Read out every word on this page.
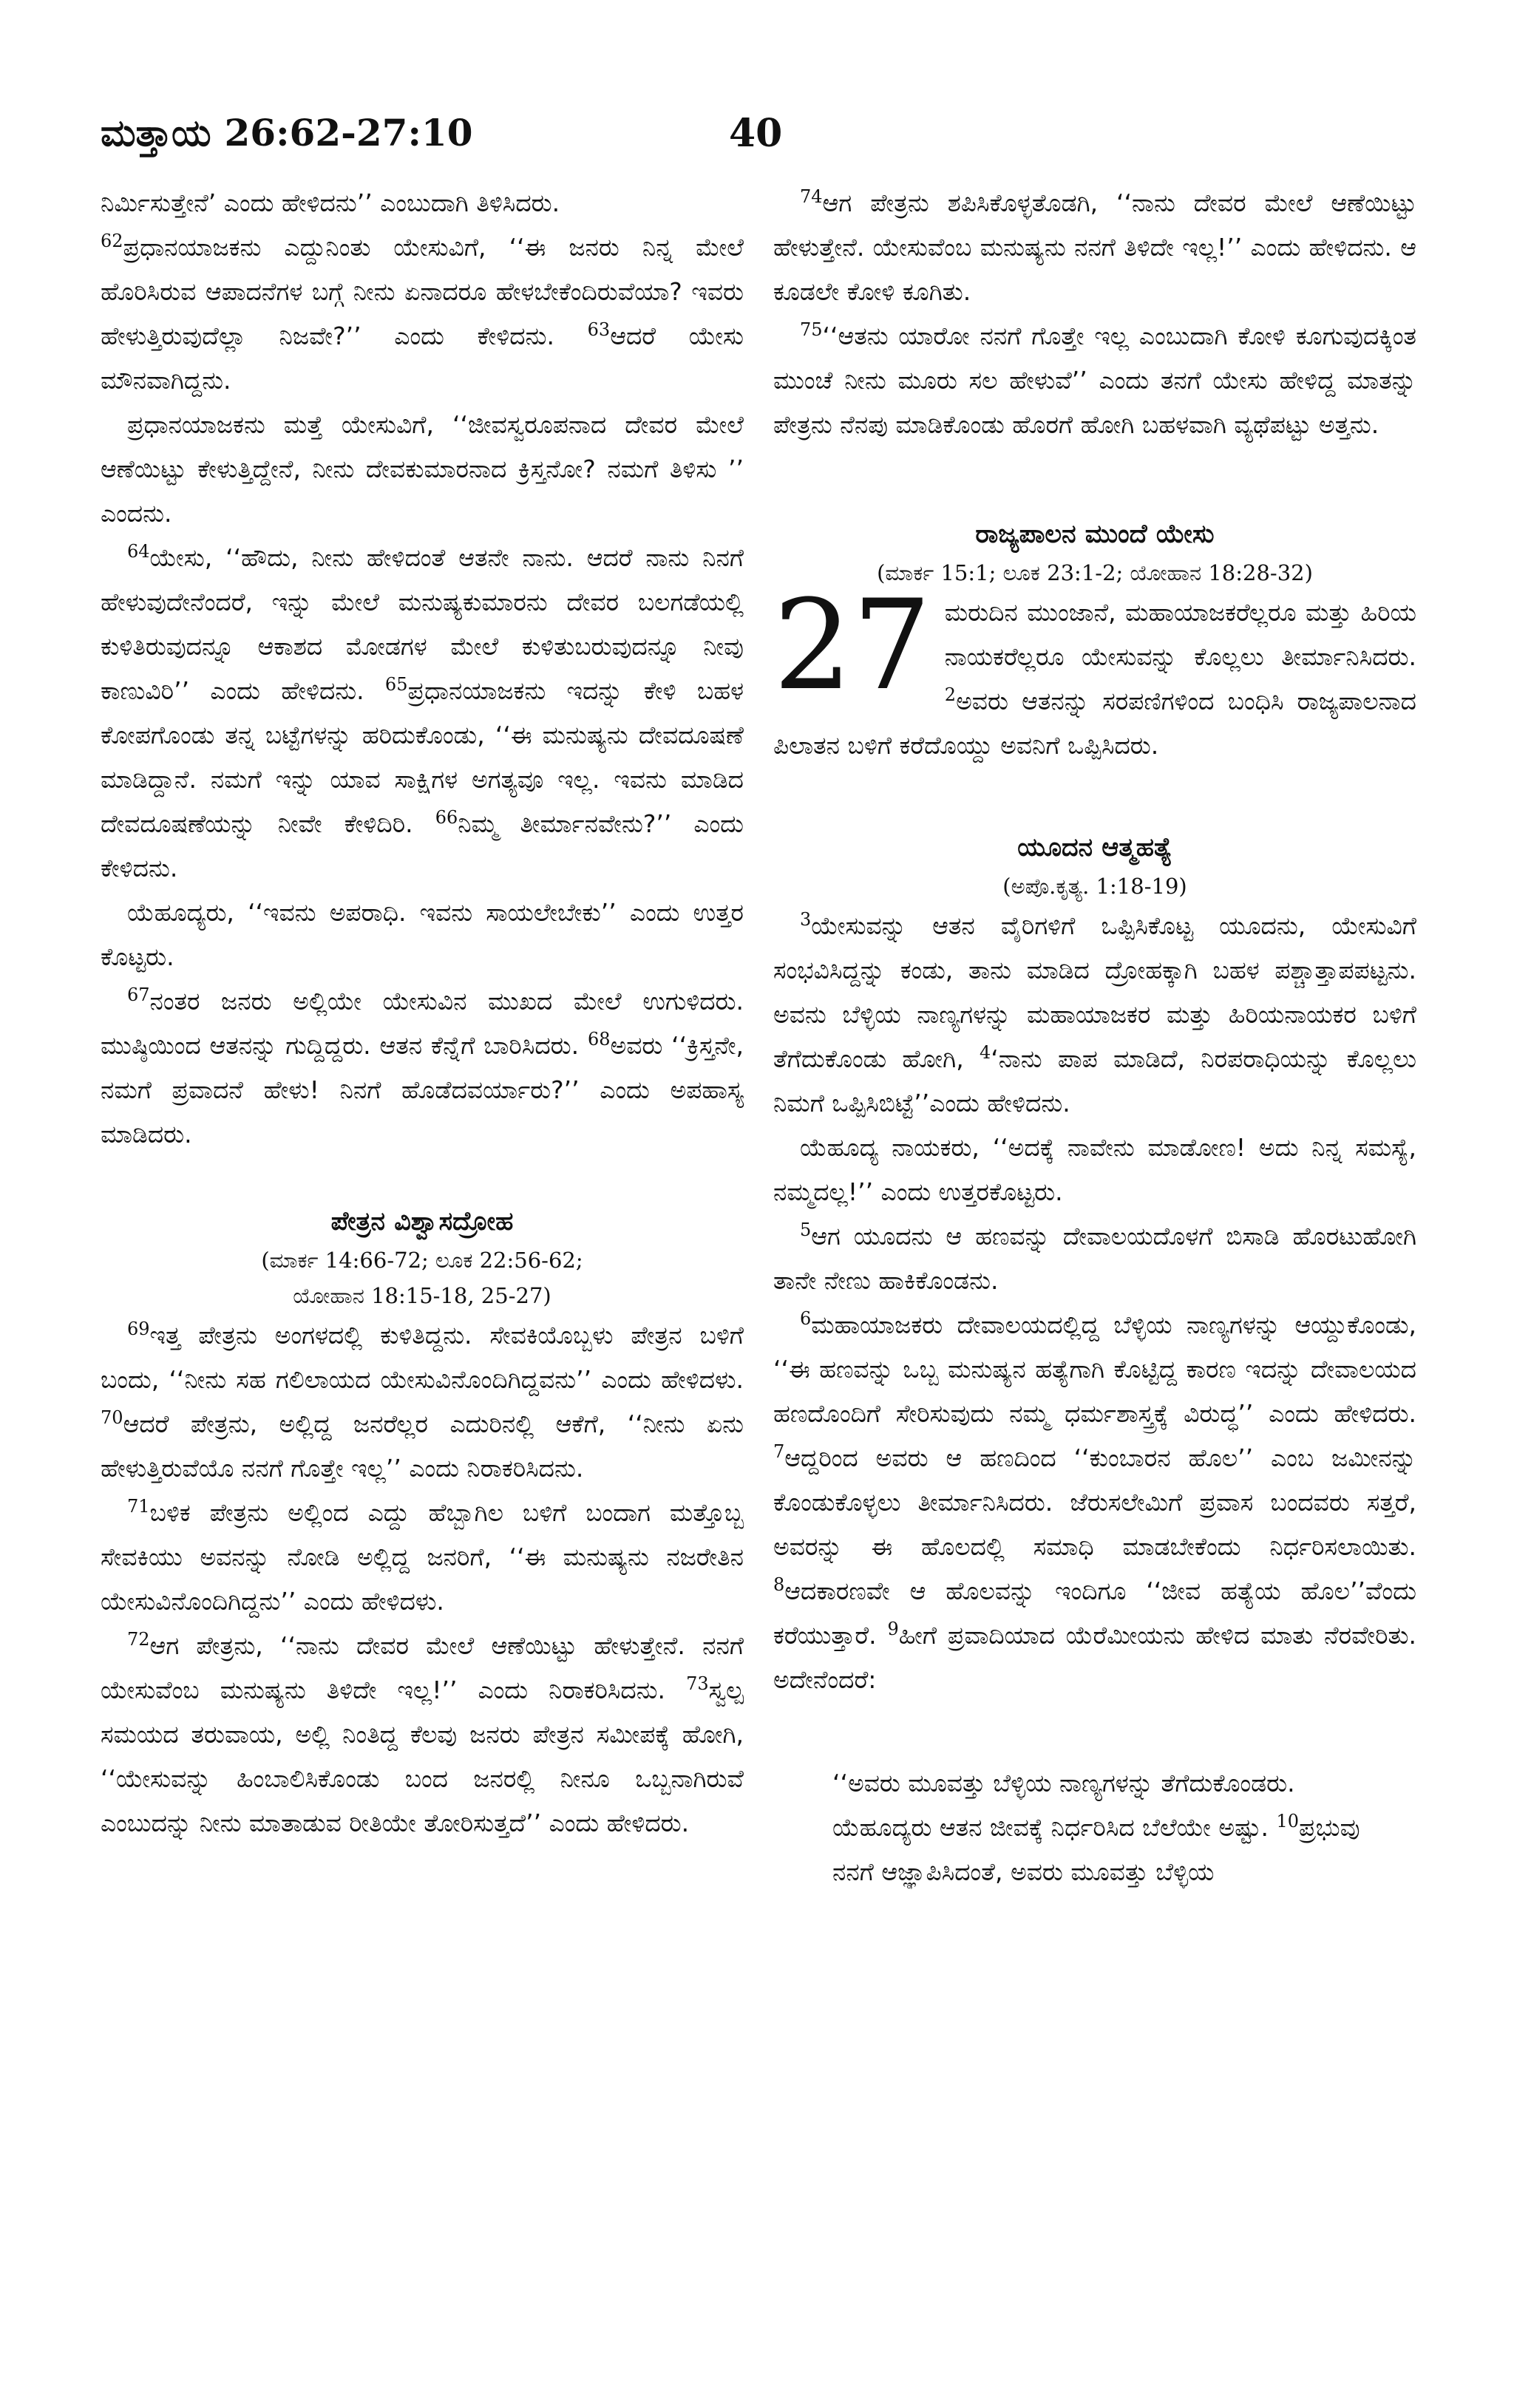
ಮತ್ತಾಯ 26:62-27:10	40

ನಿರ್ಮಿಸುತ್ತೇನೆ’ ಎಂದು ಹೇಳಿದನು’’ ಎಂಬುದಾಗಿ ತಿಳಿಸಿದರು.

$^{62}$ಪ್ರಧಾನಯಾಜಕನು ಎದ್ದುನಿಂತು ಯೇಸುವಿಗೆ, ‘‘ಈ ಜನರು ನಿನ್ನ ಮೇಲೆ ಹೊರಿಸಿರುವ ಆಪಾದನೆಗಳ ಬಗ್ಗೆ ನೀನು ಏನಾದರೂ ಹೇಳಬೇಕೆಂದಿರುವೆಯಾ? ಇವರು ಹೇಳುತ್ತಿರುವುದೆಲ್ಲಾ ನಿಜವೇ?’’ ಎಂದು ಕೇಳಿದನು. $^{63}$ಆದರೆ ಯೇಸು ಮೌನವಾಗಿದ್ದನು.

ಪ್ರಧಾನಯಾಜಕನು ಮತ್ತೆ ಯೇಸುವಿಗೆ, ‘‘ಜೀವಸ್ವರೂಪನಾದ ದೇವರ ಮೇಲೆ ಆಣೆಯಿಟ್ಟು ಕೇಳುತ್ತಿದ್ದೇನೆ, ನೀನು ದೇವಕುಮಾರನಾದ ಕ್ರಿಸ್ತನೋ? ನಮಗೆ ತಿಳಿಸು ’’ ಎಂದನು.

$^{64}$ಯೇಸು, ‘‘ಹೌದು, ನೀನು ಹೇಳಿದಂತೆ ಆತನೇ ನಾನು. ಆದರೆ ನಾನು ನಿನಗೆ ಹೇಳುವುದೇನೆಂದರೆ, ಇನ್ನು ಮೇಲೆ ಮನುಷ್ಯಕುಮಾರನು ದೇವರ ಬಲಗಡೆಯಲ್ಲಿ ಕುಳಿತಿರುವುದನ್ನೂ ಆಕಾಶದ ಮೋಡಗಳ ಮೇಲೆ ಕುಳಿತುಬರುವುದನ್ನೂ ನೀವು ಕಾಣುವಿರಿ’’ ಎಂದು ಹೇಳಿದನು. $^{65}$ಪ್ರಧಾನಯಾಜಕನು ಇದನ್ನು ಕೇಳಿ ಬಹಳ ಕೋಪಗೊಂಡು ತನ್ನ ಬಟ್ಟೆಗಳನ್ನು ಹರಿದುಕೊಂಡು, ‘‘ಈ ಮನುಷ್ಯನು ದೇವದೂಷಣೆ ಮಾಡಿದ್ದಾನೆ. ನಮಗೆ ಇನ್ನು ಯಾವ ಸಾಕ್ಷಿಗಳ ಅಗತ್ಯವೂ ಇಲ್ಲ. ಇವನು ಮಾಡಿದ ದೇವದೂಷಣೆಯನ್ನು ನೀವೇ ಕೇಳಿದಿರಿ. $^{66}$ನಿಮ್ಮ ತೀರ್ಮಾನವೇನು?’’ ಎಂದು ಕೇಳಿದನು.

ಯೆಹೂದ್ಯರು, ‘‘ಇವನು ಅಪರಾಧಿ. ಇವನು ಸಾಯಲೇಬೇಕು’’ ಎಂದು ಉತ್ತರ ಕೊಟ್ಟರು.

$^{67}$ನಂತರ ಜನರು ಅಲ್ಲಿಯೇ ಯೇಸುವಿನ ಮುಖದ ಮೇಲೆ ಉಗುಳಿದರು. ಮುಷ್ಠಿಯಿಂದ ಆತನನ್ನು ಗುದ್ದಿದ್ದರು. ಆತನ ಕೆನ್ನೆಗೆ ಬಾರಿಸಿದರು. $^{68}$ಅವರು ‘‘ಕ್ರಿಸ್ತನೇ, ನಮಗೆ ಪ್ರವಾದನೆ ಹೇಳು! ನಿನಗೆ ಹೊಡೆದವರ್ಯಾರು?’’ ಎಂದು ಅಪಹಾಸ್ಯ ಮಾಡಿದರು.

ಪೇತ್ರನ ವಿಶ್ವಾಸದ್ರೋಹ
(ಮಾರ್ಕ 14:66-72; ಲೂಕ 22:56-62;
ಯೋಹಾನ 18:15-18, 25-27)

$^{69}$ಇತ್ತ ಪೇತ್ರನು ಅಂಗಳದಲ್ಲಿ ಕುಳಿತಿದ್ದನು. ಸೇವಕಿಯೊಬ್ಬಳು ಪೇತ್ರನ ಬಳಿಗೆ ಬಂದು, ‘‘ನೀನು ಸಹ ಗಲಿಲಾಯದ ಯೇಸುವಿನೊಂದಿಗಿದ್ದವನು’’ ಎಂದು ಹೇಳಿದಳು. $^{70}$ಆದರೆ ಪೇತ್ರನು, ಅಲ್ಲಿದ್ದ ಜನರೆಲ್ಲರ ಎದುರಿನಲ್ಲಿ ಆಕೆಗೆ, ‘‘ನೀನು ಏನು ಹೇಳುತ್ತಿರುವೆಯೊ ನನಗೆ ಗೊತ್ತೇ ಇಲ್ಲ’’ ಎಂದು ನಿರಾಕರಿಸಿದನು.

$^{71}$ಬಳಿಕ ಪೇತ್ರನು ಅಲ್ಲಿಂದ ಎದ್ದು ಹೆಬ್ಬಾಗಿಲ ಬಳಿಗೆ ಬಂದಾಗ ಮತ್ತೊಬ್ಬ ಸೇವಕಿಯು ಅವನನ್ನು ನೋಡಿ ಅಲ್ಲಿದ್ದ ಜನರಿಗೆ, ‘‘ಈ ಮನುಷ್ಯನು ನಜರೇತಿನ ಯೇಸುವಿನೊಂದಿಗಿದ್ದನು’’ ಎಂದು ಹೇಳಿದಳು.

$^{72}$ಆಗ ಪೇತ್ರನು, ‘‘ನಾನು ದೇವರ ಮೇಲೆ ಆಣೆಯಿಟ್ಟು ಹೇಳುತ್ತೇನೆ. ನನಗೆ ಯೇಸುವೆಂಬ ಮನುಷ್ಯನು ತಿಳಿದೇ ಇಲ್ಲ!’’ ಎಂದು ನಿರಾಕರಿಸಿದನು. $^{73}$ಸ್ವಲ್ಪ ಸಮಯದ ತರುವಾಯ, ಅಲ್ಲಿ ನಿಂತಿದ್ದ ಕೆಲವು ಜನರು ಪೇತ್ರನ ಸಮೀಪಕ್ಕೆ ಹೋಗಿ, ‘‘ಯೇಸುವನ್ನು ಹಿಂಬಾಲಿಸಿಕೊಂಡು ಬಂದ ಜನರಲ್ಲಿ ನೀನೂ ಒಬ್ಬನಾಗಿರುವೆ ಎಂಬುದನ್ನು ನೀನು ಮಾತಾಡುವ ರೀತಿಯೇ ತೋರಿಸುತ್ತದೆ’’ ಎಂದು ಹೇಳಿದರು.

$^{74}$ಆಗ ಪೇತ್ರನು ಶಪಿಸಿಕೊಳ್ಳತೊಡಗಿ, ‘‘ನಾನು ದೇವರ ಮೇಲೆ ಆಣೆಯಿಟ್ಟು ಹೇಳುತ್ತೇನೆ. ಯೇಸುವೆಂಬ ಮನುಷ್ಯನು ನನಗೆ ತಿಳಿದೇ ಇಲ್ಲ!’’ ಎಂದು ಹೇಳಿದನು. ಆ ಕೂಡಲೇ ಕೋಳಿ ಕೂಗಿತು.

$^{75}$‘‘ಆತನು ಯಾರೋ ನನಗೆ ಗೊತ್ತೇ ಇಲ್ಲ ಎಂಬುದಾಗಿ ಕೋಳಿ ಕೂಗುವುದಕ್ಕಿಂತ ಮುಂಚೆ ನೀನು ಮೂರು ಸಲ ಹೇಳುವೆ’’ ಎಂದು ತನಗೆ ಯೇಸು ಹೇಳಿದ್ದ ಮಾತನ್ನು ಪೇತ್ರನು ನೆನಪು ಮಾಡಿಕೊಂಡು ಹೊರಗೆ ಹೋಗಿ ಬಹಳವಾಗಿ ವ್ಯಥೆಪಟ್ಟು ಅತ್ತನು.

ರಾಜ್ಯಪಾಲನ ಮುಂದೆ ಯೇಸು
(ಮಾರ್ಕ 15:1; ಲೂಕ 23:1-2; ಯೋಹಾನ 18:28-32)

27 ಮರುದಿನ ಮುಂಜಾನೆ, ಮಹಾಯಾಜಕರೆಲ್ಲರೂ ಮತ್ತು ಹಿರಿಯ ನಾಯಕರೆಲ್ಲರೂ ಯೇಸುವನ್ನು ಕೊಲ್ಲಲು ತೀರ್ಮಾನಿಸಿದರು. $^2$ಅವರು ಆತನನ್ನು ಸರಪಣಿಗಳಿಂದ ಬಂಧಿಸಿ ರಾಜ್ಯಪಾಲನಾದ ಪಿಲಾತನ ಬಳಿಗೆ ಕರೆದೊಯ್ದು ಅವನಿಗೆ ಒಪ್ಪಿಸಿದರು.

ಯೂದನ ಆತ್ಮಹತ್ಯೆ
(ಅಪೊ.ಕೃತ್ಯ. 1:18-19)

$^3$ಯೇಸುವನ್ನು ಆತನ ವೈರಿಗಳಿಗೆ ಒಪ್ಪಿಸಿಕೊಟ್ಟ ಯೂದನು, ಯೇಸುವಿಗೆ ಸಂಭವಿಸಿದ್ದನ್ನು ಕಂಡು, ತಾನು ಮಾಡಿದ ದ್ರೋಹಕ್ಕಾಗಿ ಬಹಳ ಪಶ್ಚಾತ್ತಾಪಪಟ್ಟನು. ಅವನು ಬೆಳ್ಳಿಯ ನಾಣ್ಯಗಳನ್ನು ಮಹಾಯಾಜಕರ ಮತ್ತು ಹಿರಿಯನಾಯಕರ ಬಳಿಗೆ ತೆಗೆದುಕೊಂಡು ಹೋಗಿ, $^4$‘ನಾನು ಪಾಪ ಮಾಡಿದೆ, ನಿರಪರಾಧಿಯನ್ನು ಕೊಲ್ಲಲು ನಿಮಗೆ ಒಪ್ಪಿಸಿಬಿಟ್ಟೆ’’ಎಂದು ಹೇಳಿದನು.

ಯೆಹೂದ್ಯ ನಾಯಕರು, ‘‘ಅದಕ್ಕೆ ನಾವೇನು ಮಾಡೋಣ! ಅದು ನಿನ್ನ ಸಮಸ್ಯೆ, ನಮ್ಮದಲ್ಲ!’’ ಎಂದು ಉತ್ತರಕೊಟ್ಟರು.

$^5$ಆಗ ಯೂದನು ಆ ಹಣವನ್ನು ದೇವಾಲಯದೊಳಗೆ ಬಿಸಾಡಿ ಹೊರಟುಹೋಗಿ ತಾನೇ ನೇಣು ಹಾಕಿಕೊಂಡನು.

$^6$ಮಹಾಯಾಜಕರು ದೇವಾಲಯದಲ್ಲಿದ್ದ ಬೆಳ್ಳಿಯ ನಾಣ್ಯಗಳನ್ನು ಆಯ್ದುಕೊಂಡು, ‘‘ಈ ಹಣವನ್ನು ಒಬ್ಬ ಮನುಷ್ಯನ ಹತ್ಯೆಗಾಗಿ ಕೊಟ್ಟಿದ್ದ ಕಾರಣ ಇದನ್ನು ದೇವಾಲಯದ ಹಣದೊಂದಿಗೆ ಸೇರಿಸುವುದು ನಮ್ಮ ಧರ್ಮಶಾಸ್ತ್ರಕ್ಕೆ ವಿರುದ್ಧ’’ ಎಂದು ಹೇಳಿದರು. $^7$ಆದ್ದರಿಂದ ಅವರು ಆ ಹಣದಿಂದ ‘‘ಕುಂಬಾರನ ಹೊಲ’’ ಎಂಬ ಜಮೀನನ್ನು ಕೊಂಡುಕೊಳ್ಳಲು ತೀರ್ಮಾನಿಸಿದರು. ಜೆರುಸಲೇಮಿಗೆ ಪ್ರವಾಸ ಬಂದವರು ಸತ್ತರೆ, ಅವರನ್ನು ಈ ಹೊಲದಲ್ಲಿ ಸಮಾಧಿ ಮಾಡಬೇಕೆಂದು ನಿರ್ಧರಿಸಲಾಯಿತು. $^8$ಆದಕಾರಣವೇ ಆ ಹೊಲವನ್ನು ಇಂದಿಗೂ ‘‘ಜೀವ ಹತ್ಯೆಯ ಹೊಲ’’ವೆಂದು ಕರೆಯುತ್ತಾರೆ. $^9$ಹೀಗೆ ಪ್ರವಾದಿಯಾದ ಯೆರೆಮೀಯನು ಹೇಳಿದ ಮಾತು ನೆರವೇರಿತು. ಅದೇನೆಂದರೆ:

‘‘ಅವರು ಮೂವತ್ತು ಬೆಳ್ಳಿಯ ನಾಣ್ಯಗಳನ್ನು ತೆಗೆದುಕೊಂಡರು. ಯೆಹೂದ್ಯರು ಆತನ ಜೀವಕ್ಕೆ ನಿರ್ಧರಿಸಿದ ಬೆಲೆಯೇ ಅಷ್ಟು. $^{10}$ಪ್ರಭುವು ನನಗೆ ಆಜ್ಞಾಪಿಸಿದಂತೆ, ಅವರು ಮೂವತ್ತು ಬೆಳ್ಳಿಯ
